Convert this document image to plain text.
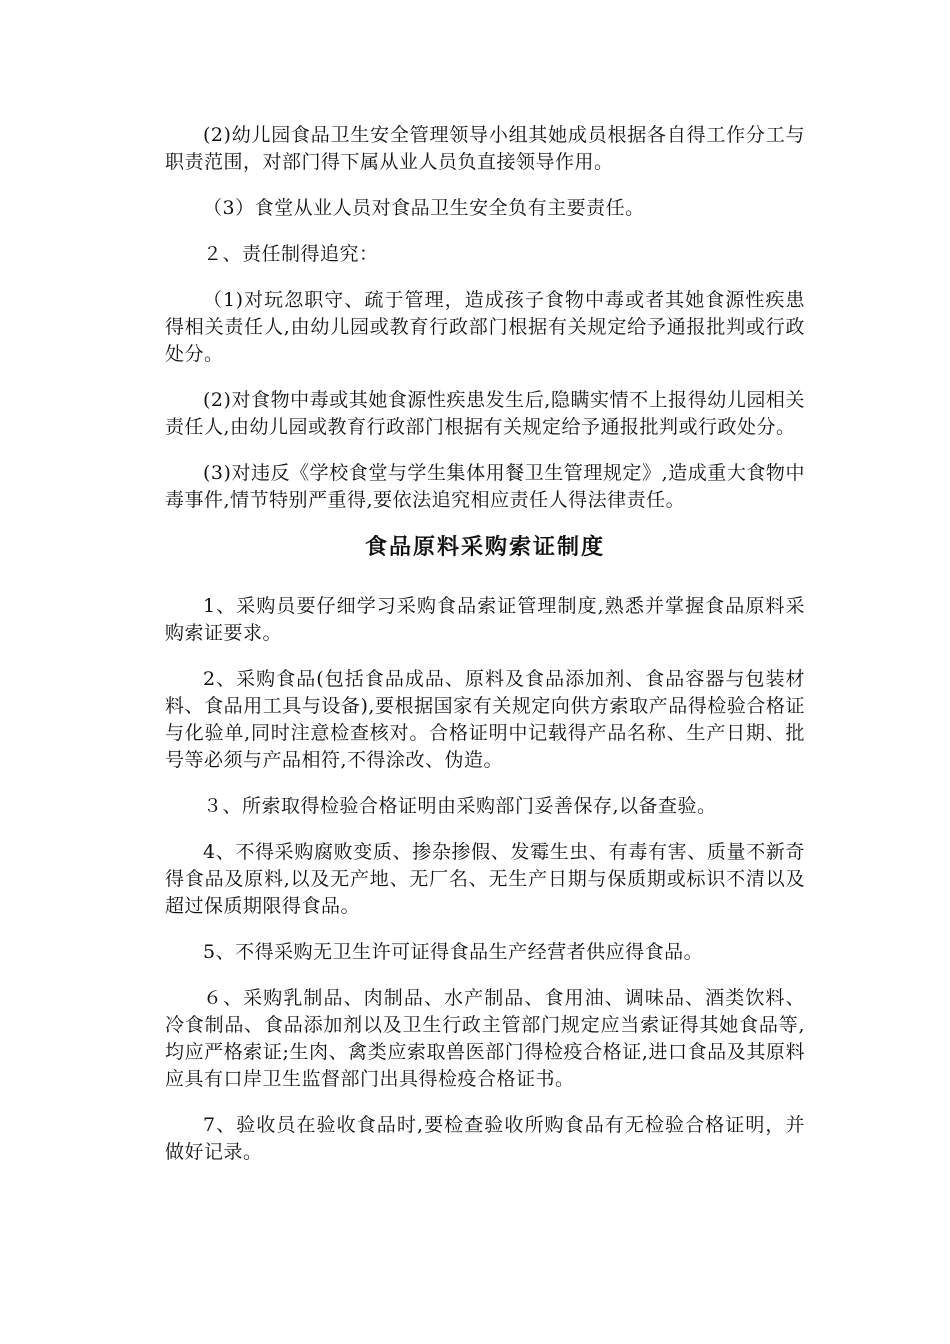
(2)幼儿园食品卫生安全管理领导小组其她成员根据各自得工作分工与职责范围，对部门得下属从业人员负直接领导作用。

（3）食堂从业人员对食品卫生安全负有主要责任。

２、责任制得追究：

（1)对玩忽职守、疏于管理，造成孩子食物中毒或者其她食源性疾患得相关责任人,由幼儿园或教育行政部门根据有关规定给予通报批判或行政处分。

(2)对食物中毒或其她食源性疾患发生后,隐瞒实情不上报得幼儿园相关责任人,由幼儿园或教育行政部门根据有关规定给予通报批判或行政处分。

(3)对违反《学校食堂与学生集体用餐卫生管理规定》,造成重大食物中毒事件,情节特别严重得,要依法追究相应责任人得法律责任。

食品原料采购索证制度

1、采购员要仔细学习采购食品索证管理制度,熟悉并掌握食品原料采购索证要求。

2、采购食品(包括食品成品、原料及食品添加剂、食品容器与包装材料、食品用工具与设备),要根据国家有关规定向供方索取产品得检验合格证与化验单,同时注意检查核对。合格证明中记载得产品名称、生产日期、批号等必须与产品相符,不得涂改、伪造。

３、所索取得检验合格证明由采购部门妥善保存,以备查验。

4、不得采购腐败变质、掺杂掺假、发霉生虫、有毒有害、质量不新奇得食品及原料,以及无产地、无厂名、无生产日期与保质期或标识不清以及超过保质期限得食品。

5、不得采购无卫生许可证得食品生产经营者供应得食品。

６、采购乳制品、肉制品、水产制品、食用油、调味品、酒类饮料、冷食制品、食品添加剂以及卫生行政主管部门规定应当索证得其她食品等,均应严格索证;生肉、禽类应索取兽医部门得检疫合格证,进口食品及其原料应具有口岸卫生监督部门出具得检疫合格证书。

7、验收员在验收食品时,要检查验收所购食品有无检验合格证明，并做好记录。
